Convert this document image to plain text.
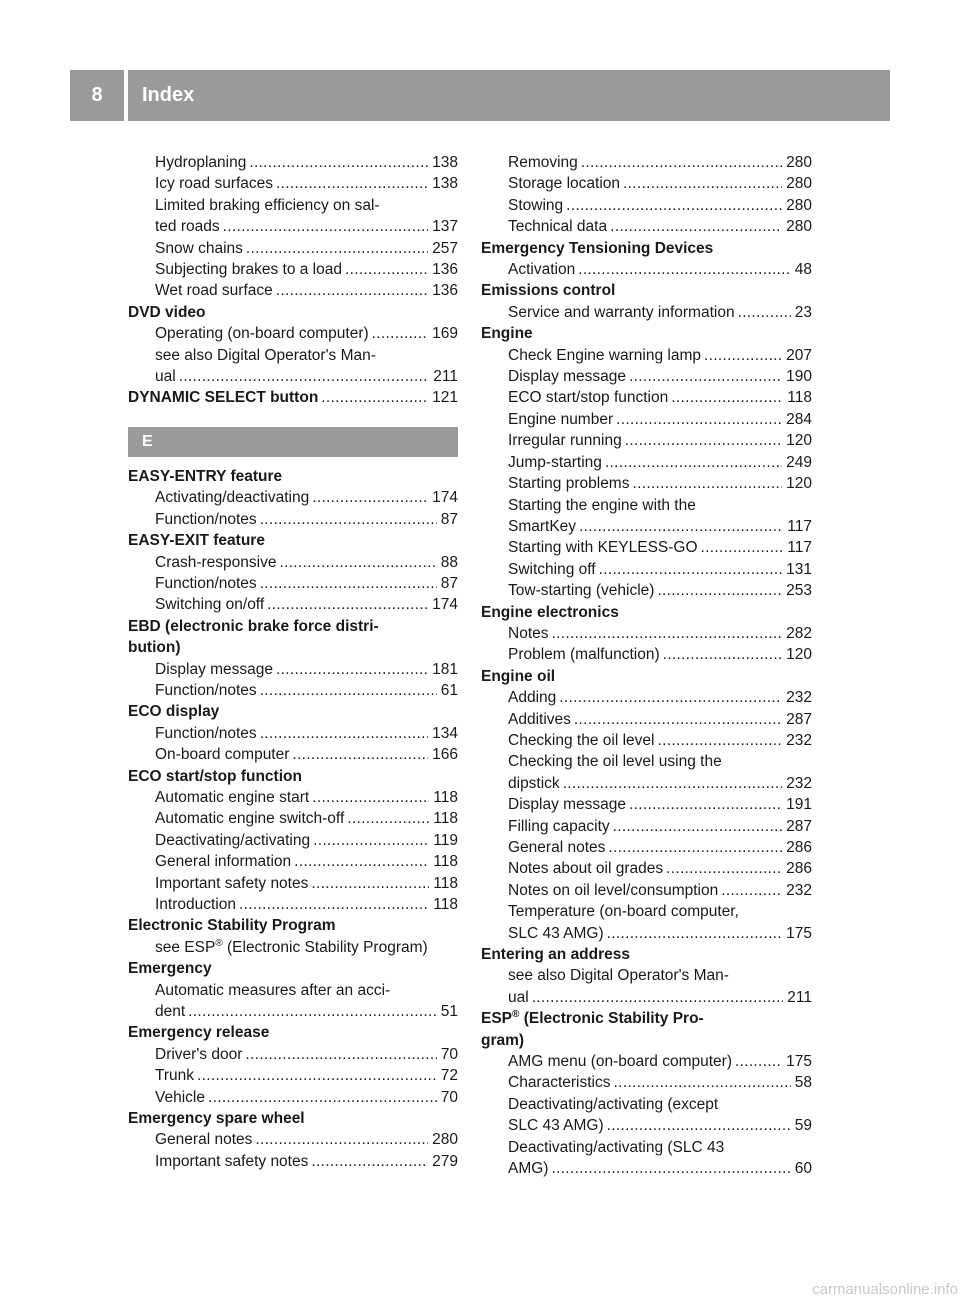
8	Index
Hydroplaning . . .	138
Icy road surfaces . . .	138
Limited braking efficiency on sal-
ted roads . . .	137
Snow chains . . .	257
Subjecting brakes to a load . . .	136
Wet road surface . . .	136
DVD video
Operating (on-board computer) . . .	169
see also Digital Operator's Man-
ual . . .	211
DYNAMIC SELECT button . . .	121
E
EASY-ENTRY feature
Activating/deactivating . . .	174
Function/notes . . .	87
EASY-EXIT feature
Crash-responsive . . .	88
Function/notes . . .	87
Switching on/off . . .	174
EBD (electronic brake force distri-
bution)
Display message . . .	181
Function/notes . . .	61
ECO display
Function/notes . . .	134
On-board computer . . .	166
ECO start/stop function
Automatic engine start . . .	118
Automatic engine switch-off . . .	118
Deactivating/activating . . .	119
General information . . .	118
Important safety notes . . .	118
Introduction . . .	118
Electronic Stability Program
see ESP® (Electronic Stability Program)
Emergency
Automatic measures after an acci-
dent . . .	51
Emergency release
Driver's door . . .	70
Trunk . . .	72
Vehicle . . .	70
Emergency spare wheel
General notes . . .	280
Important safety notes . . .	279
Removing . . .	280
Storage location . . .	280
Stowing . . .	280
Technical data . . .	280
Emergency Tensioning Devices
Activation . . .	48
Emissions control
Service and warranty information . . .	23
Engine
Check Engine warning lamp . . .	207
Display message . . .	190
ECO start/stop function . . .	118
Engine number . . .	284
Irregular running . . .	120
Jump-starting . . .	249
Starting problems . . .	120
Starting the engine with the
SmartKey . . .	117
Starting with KEYLESS-GO . . .	117
Switching off . . .	131
Tow-starting (vehicle) . . .	253
Engine electronics
Notes . . .	282
Problem (malfunction) . . .	120
Engine oil
Adding . . .	232
Additives . . .	287
Checking the oil level . . .	232
Checking the oil level using the
dipstick . . .	232
Display message . . .	191
Filling capacity . . .	287
General notes . . .	286
Notes about oil grades . . .	286
Notes on oil level/consumption . . .	232
Temperature (on-board computer,
SLC 43 AMG) . . .	175
Entering an address
see also Digital Operator's Man-
ual . . .	211
ESP® (Electronic Stability Pro-
gram)
AMG menu (on-board computer) . . .	175
Characteristics . . .	58
Deactivating/activating (except
SLC 43 AMG) . . .	59
Deactivating/activating (SLC 43
AMG) . . .	60
carmanualsonline.info
